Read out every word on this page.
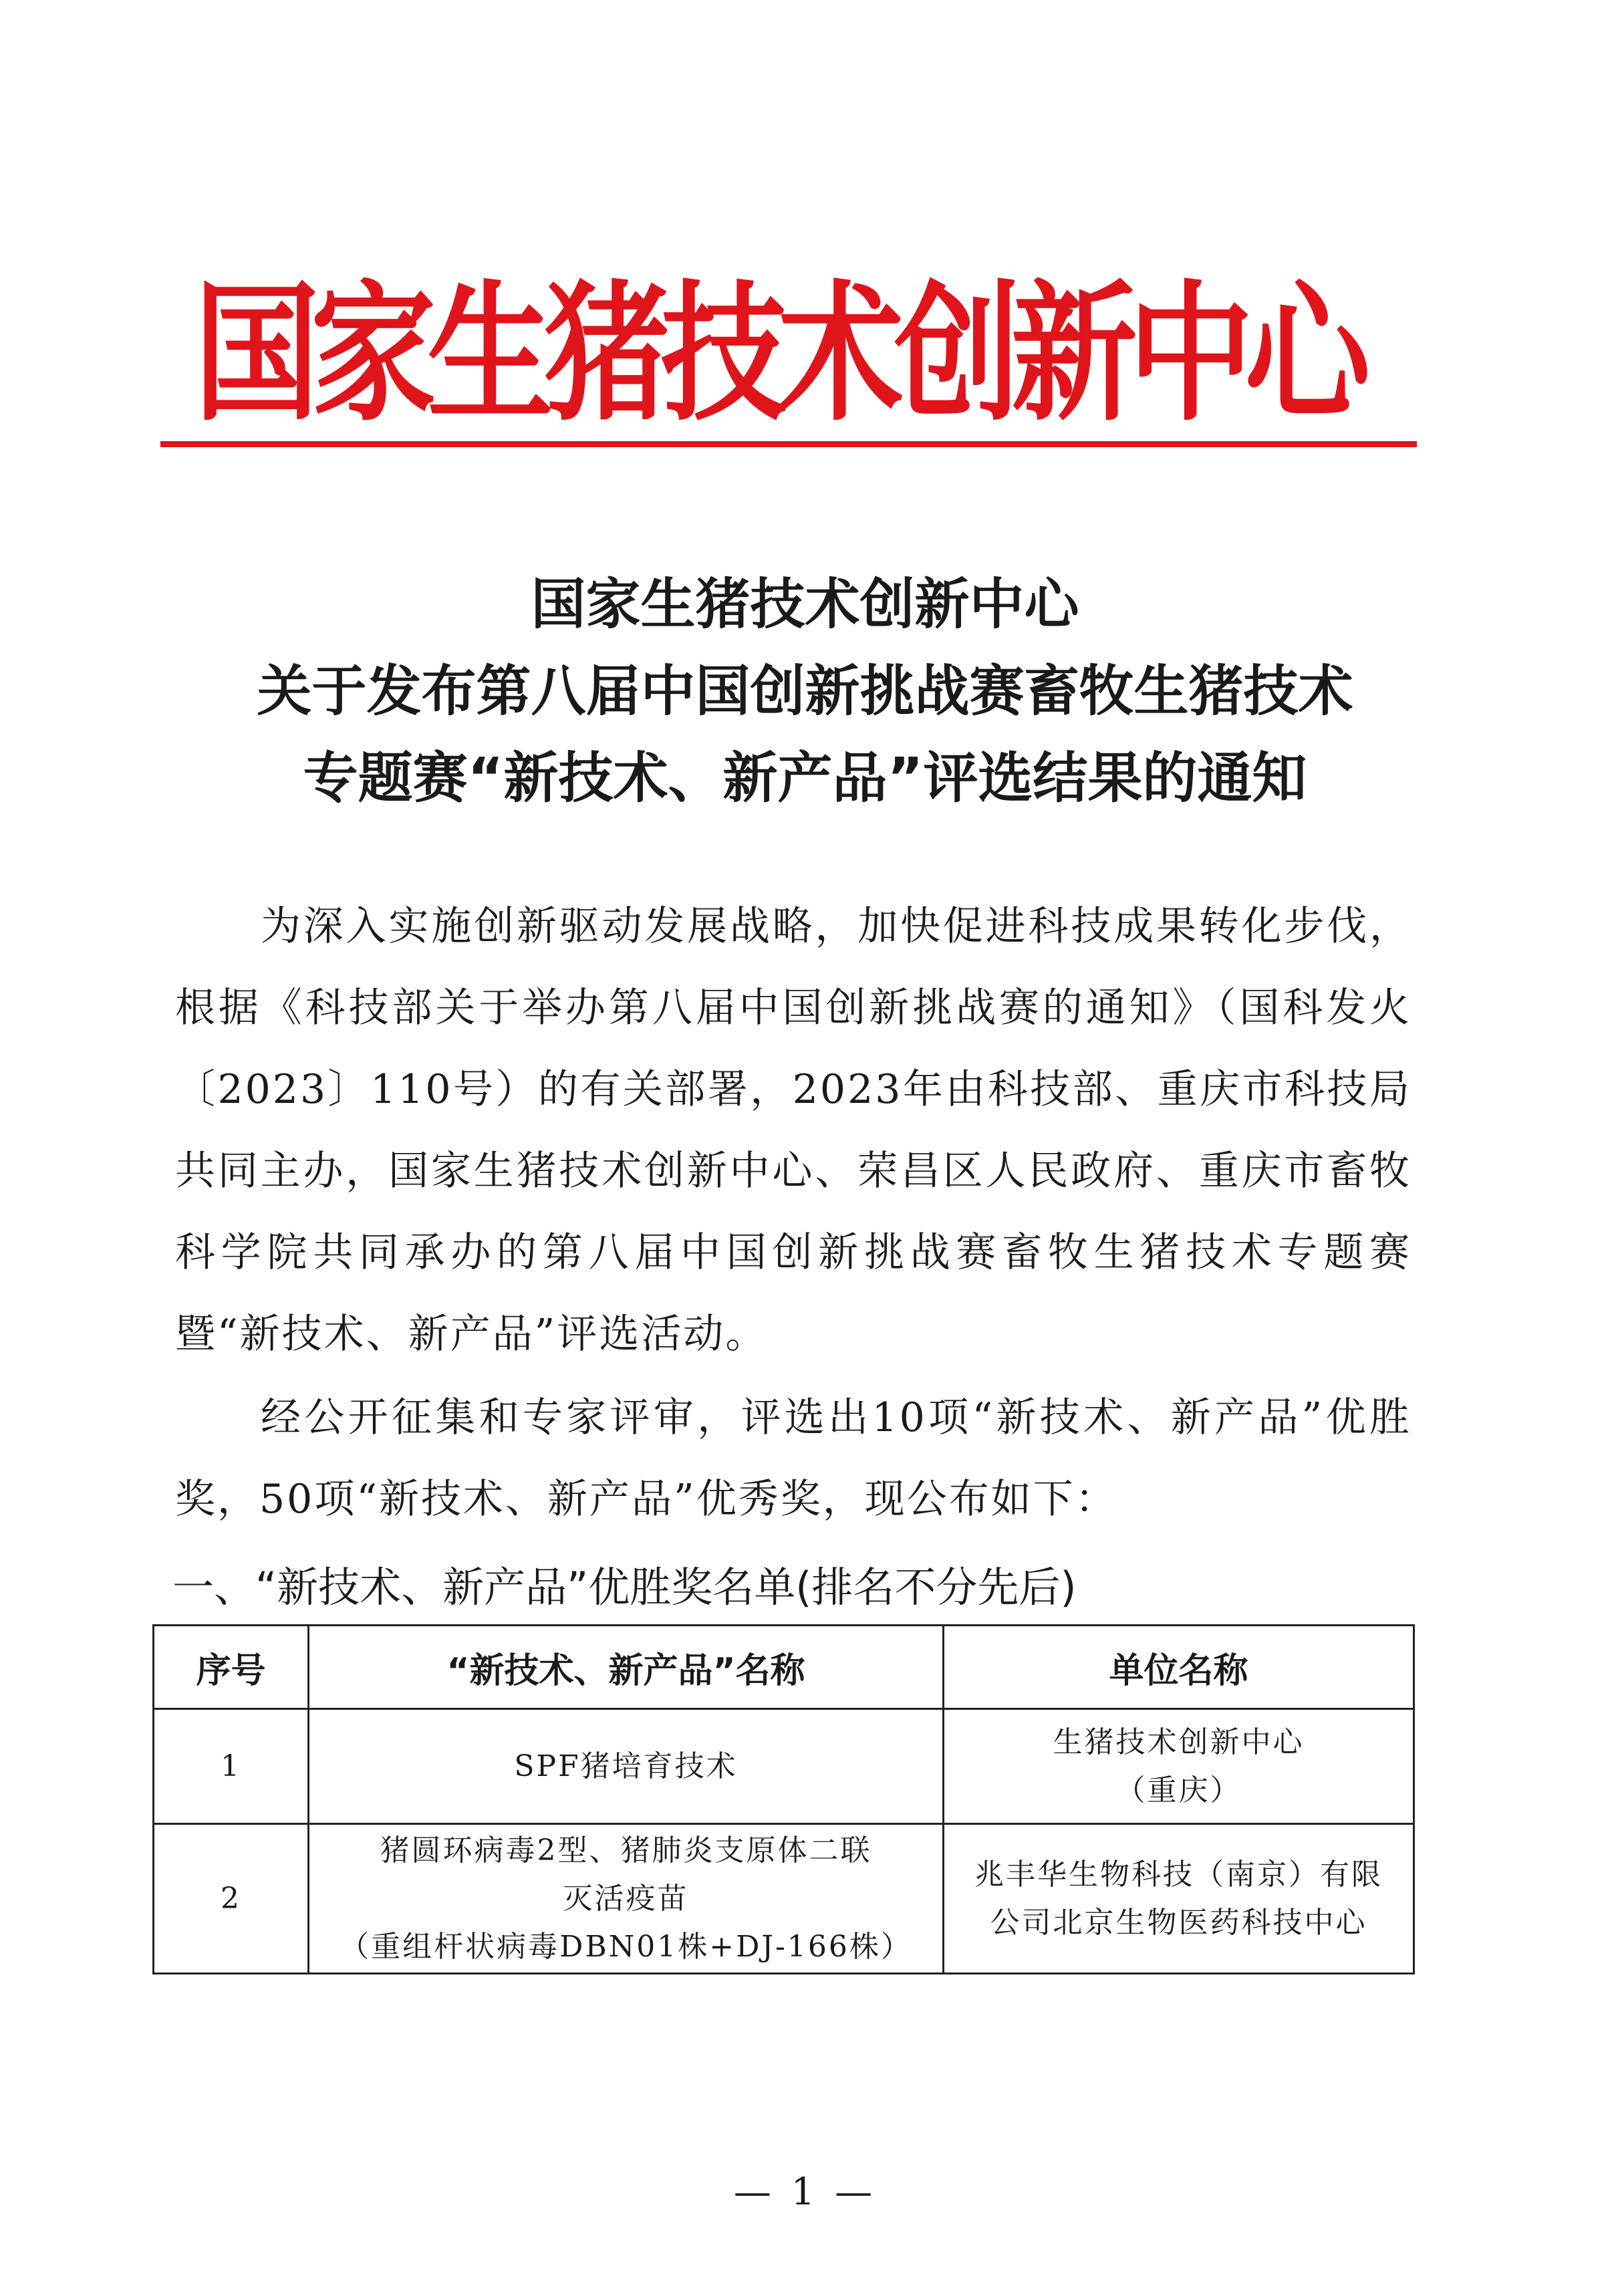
国家生猪技术创新中心
国家生猪技术创新中心
关于发布第八届中国创新挑战赛畜牧生猪技术
专题赛“新技术、新产品”评选结果的通知
为深入实施创新驱动发展战略，加快促进科技成果转化步伐，根据《科技部关于举办第八届中国创新挑战赛的通知》（国科发火〔2023〕110号）的有关部署，2023年由科技部、重庆市科技局共同主办，国家生猪技术创新中心、荣昌区人民政府、重庆市畜牧科学院共同承办的第八届中国创新挑战赛畜牧生猪技术专题赛暨“新技术、新产品”评选活动。
经公开征集和专家评审，评选出10项“新技术、新产品”优胜奖，50项“新技术、新产品”优秀奖，现公布如下：
一、“新技术、新产品”优胜奖名单(排名不分先后)
序号	“新技术、新产品”名称	单位名称
1	SPF猪培育技术	生猪技术创新中心
（重庆）

2	猪圆环病毒2型、猪肺炎支原体二联
灭活疫苗
（重组杆状病毒DBN01株+DJ-166株）	兆丰华生物科技（南京）有限
公司北京生物医药科技中心
— 1 —
